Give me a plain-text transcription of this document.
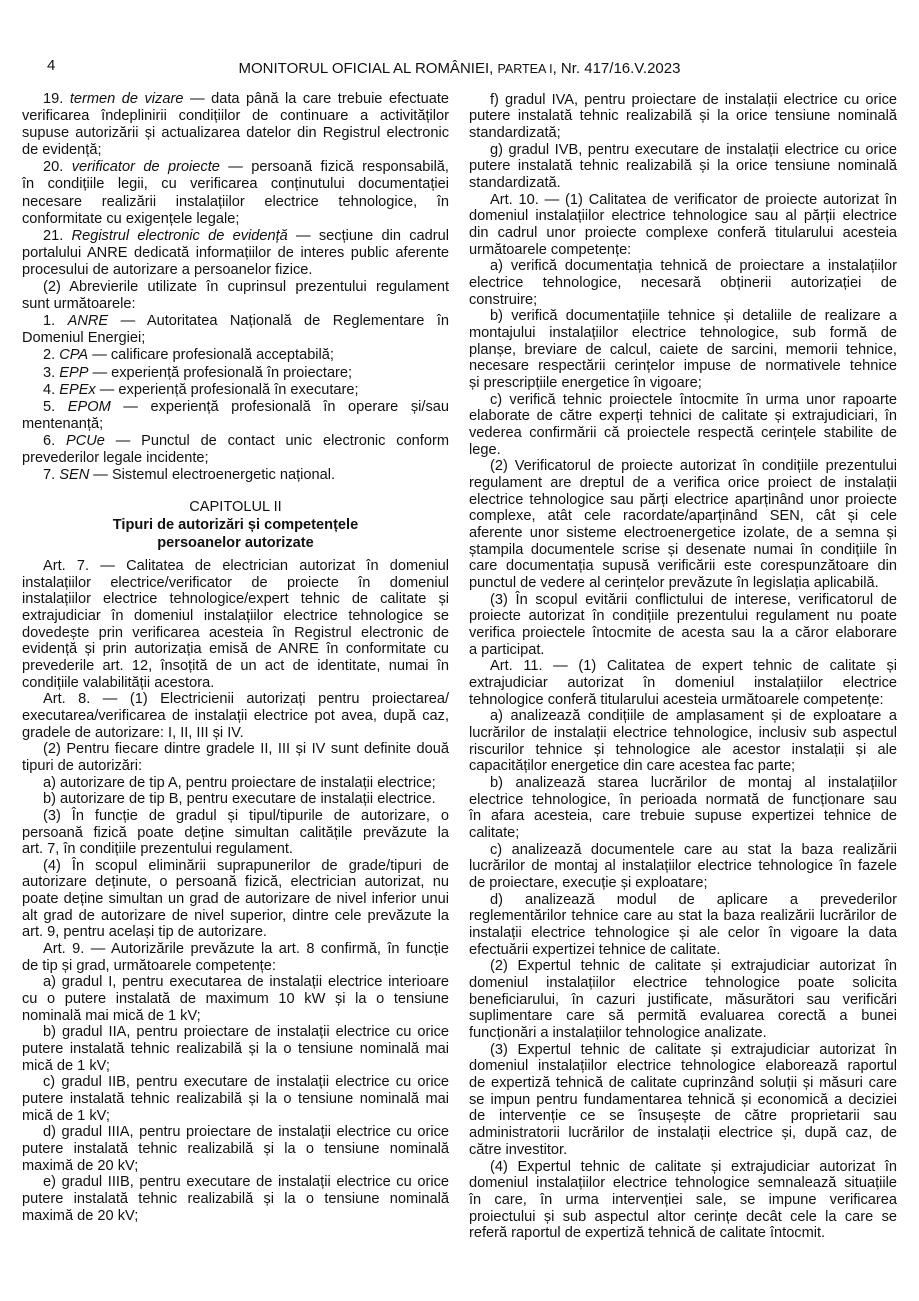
4	MONITORUL OFICIAL AL ROMÂNIEI, PARTEA I, Nr. 417/16.V.2023
19. termen de vizare — data până la care trebuie efectuate
verificarea îndeplinirii condițiilor de continuare a activităților
supuse autorizării și actualizarea datelor din Registrul electronic
de evidență;
20. verificator de proiecte — persoană fizică responsabilă,
în condițiile legii, cu verificarea conținutului documentației
necesare realizării instalațiilor electrice tehnologice, în
conformitate cu exigențele legale;
21. Registrul electronic de evidență — secțiune din cadrul
portalului ANRE dedicată informațiilor de interes public aferente
procesului de autorizare a persoanelor fizice.
(2) Abrevierile utilizate în cuprinsul prezentului regulament
sunt următoarele:
1. ANRE — Autoritatea Națională de Reglementare în
Domeniul Energiei;
2. CPA — calificare profesională acceptabilă;
3. EPP — experiență profesională în proiectare;
4. EPEx — experiență profesională în executare;
5. EPOM — experiență profesională în operare și/sau
mentenanță;
6. PCUe — Punctul de contact unic electronic conform
prevederilor legale incidente;
7. SEN — Sistemul electroenergetic național.
CAPITOLUL II
Tipuri de autorizări și competențele
persoanelor autorizate
Art. 7. — Calitatea de electrician autorizat în domeniul
instalațiilor electrice/verificator de proiecte în domeniul
instalațiilor electrice tehnologice/expert tehnic de calitate și
extrajudiciar în domeniul instalațiilor electrice tehnologice se
dovedește prin verificarea acesteia în Registrul electronic de
evidență și prin autorizația emisă de ANRE în conformitate cu
prevederile art. 12, însoțită de un act de identitate, numai în
condițiile valabilității acestora.
Art. 8. — (1) Electricienii autorizați pentru proiectarea/
executarea/verificarea de instalații electrice pot avea, după caz,
gradele de autorizare: I, II, III și IV.
(2) Pentru fiecare dintre gradele II, III și IV sunt definite două
tipuri de autorizări:
a) autorizare de tip A, pentru proiectare de instalații electrice;
b) autorizare de tip B, pentru executare de instalații electrice.
(3) În funcție de gradul și tipul/tipurile de autorizare, o
persoană fizică poate deține simultan calitățile prevăzute la
art. 7, în condițiile prezentului regulament.
(4) În scopul eliminării suprapunerilor de grade/tipuri de
autorizare deținute, o persoană fizică, electrician autorizat, nu
poate deține simultan un grad de autorizare de nivel inferior unui
alt grad de autorizare de nivel superior, dintre cele prevăzute la
art. 9, pentru același tip de autorizare.
Art. 9. — Autorizările prevăzute la art. 8 confirmă, în funcție
de tip și grad, următoarele competențe:
a) gradul I, pentru executarea de instalații electrice interioare
cu o putere instalată de maximum 10 kW și la o tensiune
nominală mai mică de 1 kV;
b) gradul IIA, pentru proiectare de instalații electrice cu orice
putere instalată tehnic realizabilă și la o tensiune nominală mai
mică de 1 kV;
c) gradul IIB, pentru executare de instalații electrice cu orice
putere instalată tehnic realizabilă și la o tensiune nominală mai
mică de 1 kV;
d) gradul IIIA, pentru proiectare de instalații electrice cu orice
putere instalată tehnic realizabilă și la o tensiune nominală
maximă de 20 kV;
e) gradul IIIB, pentru executare de instalații electrice cu orice
putere instalată tehnic realizabilă și la o tensiune nominală
maximă de 20 kV;
f) gradul IVA, pentru proiectare de instalații electrice cu orice
putere instalată tehnic realizabilă și la orice tensiune nominală
standardizată;
g) gradul IVB, pentru executare de instalații electrice cu orice
putere instalată tehnic realizabilă și la orice tensiune nominală
standardizată.
Art. 10. — (1) Calitatea de verificator de proiecte autorizat în
domeniul instalațiilor electrice tehnologice sau al părții electrice
din cadrul unor proiecte complexe conferă titularului acesteia
următoarele competențe:
a) verifică documentația tehnică de proiectare a instalațiilor
electrice tehnologice, necesară obținerii autorizației de
construire;
b) verifică documentațiile tehnice și detaliile de realizare a
montajului instalațiilor electrice tehnologice, sub formă de
planșe, breviare de calcul, caiete de sarcini, memorii tehnice,
necesare respectării cerințelor impuse de normativele tehnice
și prescripțiile energetice în vigoare;
c) verifică tehnic proiectele întocmite în urma unor rapoarte
elaborate de către experți tehnici de calitate și extrajudiciari, în
vederea confirmării că proiectele respectă cerințele stabilite de
lege.
(2) Verificatorul de proiecte autorizat în condițiile prezentului
regulament are dreptul de a verifica orice proiect de instalații
electrice tehnologice sau părți electrice aparținând unor proiecte
complexe, atât cele racordate/aparținând SEN, cât și cele
aferente unor sisteme electroenergetice izolate, de a semna și
ștampila documentele scrise și desenate numai în condițiile în
care documentația supusă verificării este corespunzătoare din
punctul de vedere al cerințelor prevăzute în legislația aplicabilă.
(3) În scopul evitării conflictului de interese, verificatorul de
proiecte autorizat în condițiile prezentului regulament nu poate
verifica proiectele întocmite de acesta sau la a căror elaborare
a participat.
Art. 11. — (1) Calitatea de expert tehnic de calitate și
extrajudiciar autorizat în domeniul instalațiilor electrice
tehnologice conferă titularului acesteia următoarele competențe:
a) analizează condițiile de amplasament și de exploatare a
lucrărilor de instalații electrice tehnologice, inclusiv sub aspectul
riscurilor tehnice și tehnologice ale acestor instalații și ale
capacităților energetice din care acestea fac parte;
b) analizează starea lucrărilor de montaj al instalațiilor
electrice tehnologice, în perioada normată de funcționare sau
în afara acesteia, care trebuie supuse expertizei tehnice de
calitate;
c) analizează documentele care au stat la baza realizării
lucrărilor de montaj al instalațiilor electrice tehnologice în fazele
de proiectare, execuție și exploatare;
d) analizează modul de aplicare a prevederilor
reglementărilor tehnice care au stat la baza realizării lucrărilor de
instalații electrice tehnologice și ale celor în vigoare la data
efectuării expertizei tehnice de calitate.
(2) Expertul tehnic de calitate și extrajudiciar autorizat în
domeniul instalațiilor electrice tehnologice poate solicita
beneficiarului, în cazuri justificate, măsurători sau verificări
suplimentare care să permită evaluarea corectă a bunei
funcționări a instalațiilor tehnologice analizate.
(3) Expertul tehnic de calitate și extrajudiciar autorizat în
domeniul instalațiilor electrice tehnologice elaborează raportul
de expertiză tehnică de calitate cuprinzând soluții și măsuri care
se impun pentru fundamentarea tehnică și economică a deciziei
de intervenție ce se însușește de către proprietarii sau
administratorii lucrărilor de instalații electrice și, după caz, de
către investitor.
(4) Expertul tehnic de calitate și extrajudiciar autorizat în
domeniul instalațiilor electrice tehnologice semnalează situațiile
în care, în urma intervenției sale, se impune verificarea
proiectului și sub aspectul altor cerințe decât cele la care se
referă raportul de expertiză tehnică de calitate întocmit.
